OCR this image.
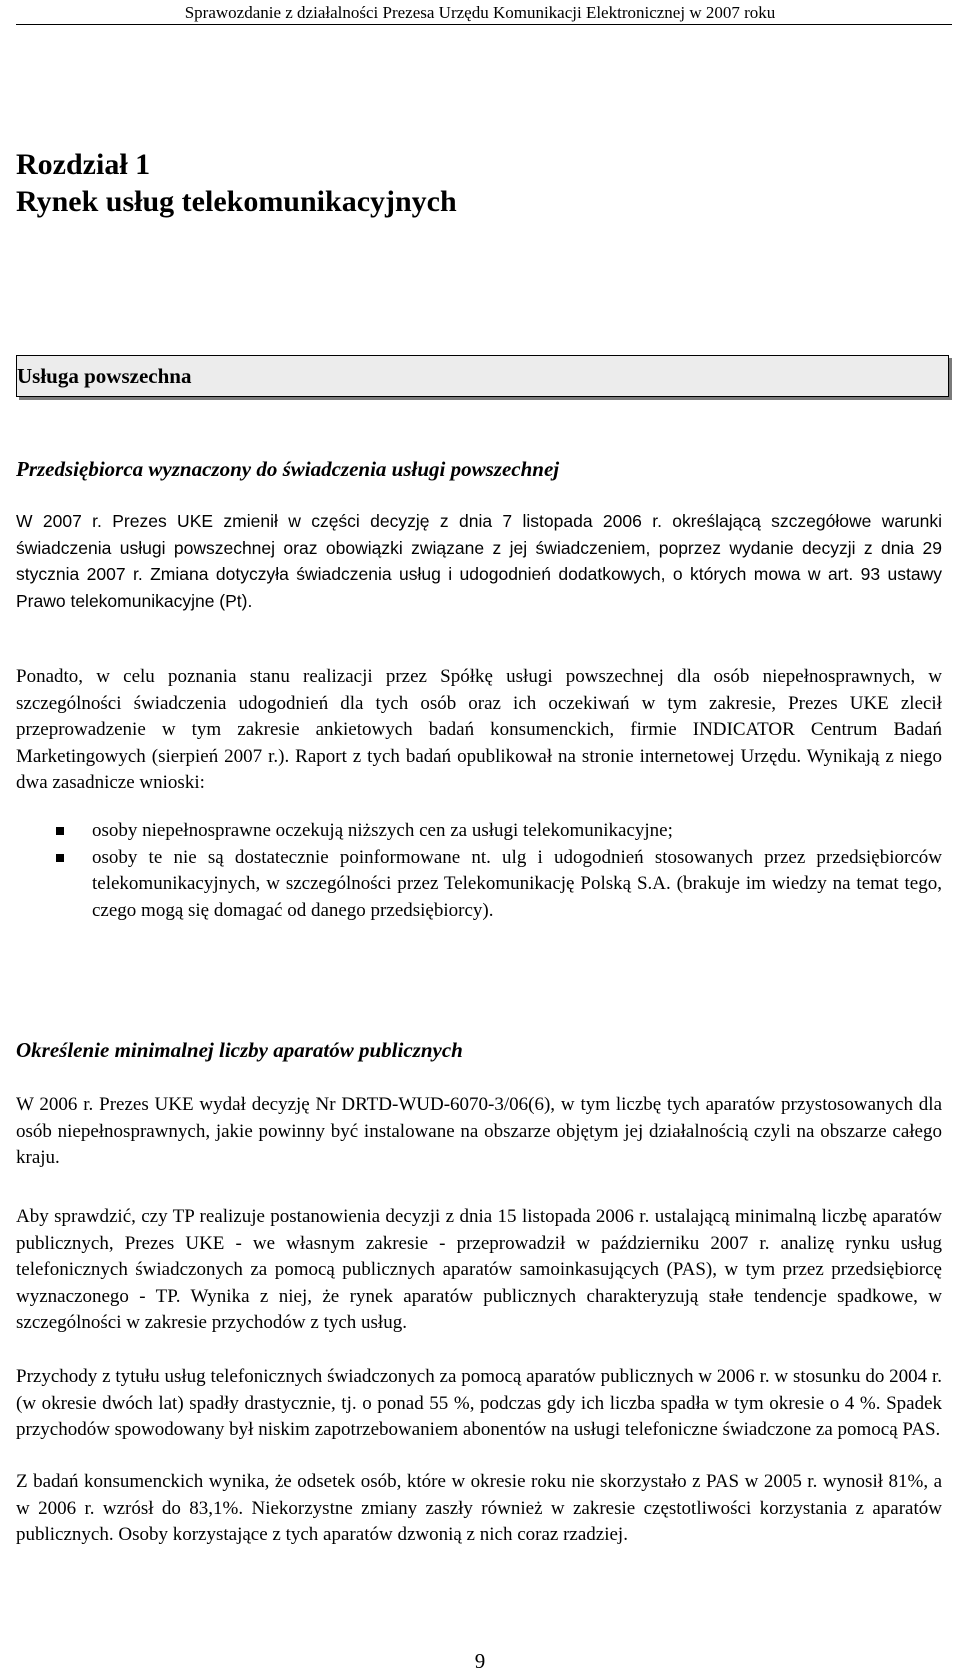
Sprawozdanie z działalności Prezesa Urzędu Komunikacji Elektronicznej w 2007 roku
Rozdział 1
Rynek usług telekomunikacyjnych
Usługa powszechna
Przedsiębiorca wyznaczony do świadczenia usługi powszechnej
W 2007 r. Prezes UKE zmienił w części decyzję z dnia 7 listopada 2006 r. określającą szczegółowe warunki świadczenia usługi powszechnej oraz obowiązki związane z jej świadczeniem, poprzez wydanie decyzji z dnia 29 stycznia 2007 r. Zmiana dotyczyła świadczenia usług i udogodnień dodatkowych, o których mowa w art. 93 ustawy Prawo telekomunikacyjne (Pt).
Ponadto, w celu poznania stanu realizacji przez Spółkę usługi powszechnej dla osób niepełnosprawnych, w szczególności świadczenia udogodnień dla tych osób oraz ich oczekiwań w tym zakresie, Prezes UKE zlecił przeprowadzenie w tym zakresie ankietowych badań konsumenckich, firmie INDICATOR Centrum Badań Marketingowych (sierpień 2007 r.). Raport z tych badań opublikował na stronie internetowej Urzędu. Wynikają z niego dwa zasadnicze wnioski:
osoby niepełnosprawne oczekują niższych cen za usługi telekomunikacyjne;
osoby te nie są dostatecznie poinformowane nt. ulg i udogodnień stosowanych przez przedsiębiorców telekomunikacyjnych, w szczególności przez Telekomunikację Polską S.A. (brakuje im wiedzy na temat tego, czego mogą się domagać od danego przedsiębiorcy).
Określenie minimalnej liczby aparatów publicznych
W 2006 r. Prezes UKE wydał decyzję Nr DRTD-WUD-6070-3/06(6), w tym liczbę tych aparatów przystosowanych dla osób niepełnosprawnych, jakie powinny być instalowane na obszarze objętym jej działalnością czyli na obszarze całego kraju.
Aby sprawdzić, czy TP realizuje postanowienia decyzji z dnia 15 listopada 2006 r. ustalającą minimalną liczbę aparatów publicznych, Prezes UKE - we własnym zakresie - przeprowadził w październiku 2007 r. analizę rynku usług telefonicznych świadczonych za pomocą publicznych aparatów samoinkasujących (PAS), w tym przez przedsiębiorcę wyznaczonego - TP. Wynika z niej, że rynek aparatów publicznych charakteryzują stałe tendencje spadkowe, w szczególności w zakresie przychodów z tych usług.
Przychody z tytułu usług telefonicznych świadczonych za pomocą aparatów publicznych w 2006 r. w stosunku do 2004 r. (w okresie dwóch lat) spadły drastycznie, tj. o ponad 55 %, podczas gdy ich liczba spadła w tym okresie o 4 %. Spadek przychodów spowodowany był niskim zapotrzebowaniem abonentów na usługi telefoniczne świadczone za pomocą PAS.
Z badań konsumenckich wynika, że odsetek osób, które w okresie roku nie skorzystało z PAS w 2005 r. wynosił 81%, a w 2006 r. wzrósł do 83,1%. Niekorzystne zmiany zaszły również w zakresie częstotliwości korzystania z aparatów publicznych. Osoby korzystające z tych aparatów dzwonią z nich coraz rzadziej.
9
